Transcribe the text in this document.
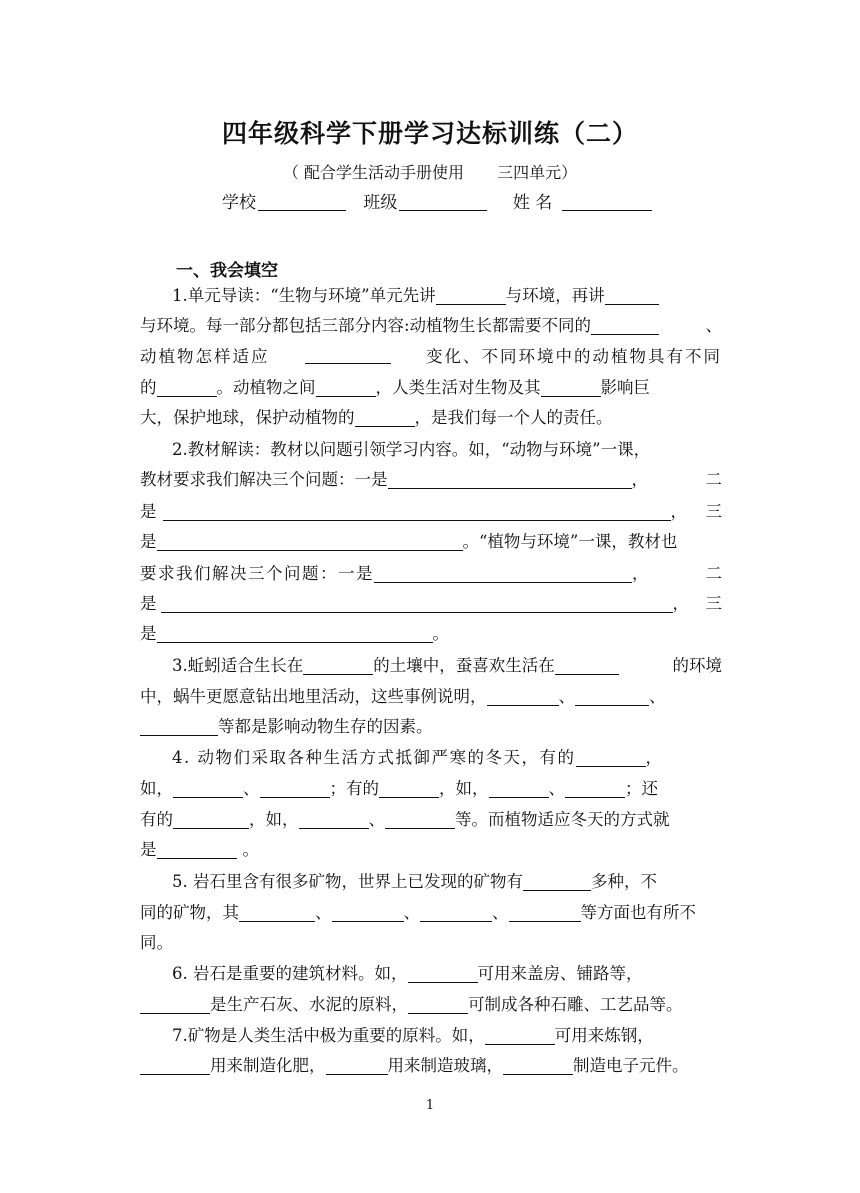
四年级科学下册学习达标训练（二）
（ 配合学生活动手册使用 三四单元）
学校	班级	姓 名
一、我会填空
1.单元导读：“生物与环境”单元先讲	与环境，再讲
与环境。每一部分都包括三部分内容:动植物生长都需要不同的	、
动植物怎样适应	变化、不同环境中的动植物具有不同
的	。动植物之间	，人类生活对生物及其	影响巨
大，保护地球，保护动植物的	，是我们每一个人的责任。
2.教材解读：教材以问题引领学习内容。如，“动物与环境”一课，
教材要求我们解决三个问题：一是	，	二
是	， 三
是	。“植物与环境”一课，教材也
要求我们解决三个问题：一是	，	二
是	， 三
是	。
3.蚯蚓适合生长在	的土壤中，蚕喜欢生活在	的环境
中，蜗牛更愿意钻出地里活动，这些事例说明，	、	、
等都是影响动物生存的因素。
4. 动物们采取各种生活方式抵御严寒的冬天，有的	，
如，	、	；有的	，如，	、	；还
有的	，如，	、	等。而植物适应冬天的方式就
是	。
5. 岩石里含有很多矿物，世界上已发现的矿物有	多种，不
同的矿物，其	、	、	、	等方面也有所不
同。
6. 岩石是重要的建筑材料。如，	可用来盖房、铺路等，
是生产石灰、水泥的原料，	可制成各种石雕、工艺品等。
7.矿物是人类生活中极为重要的原料。如，	可用来炼钢，
用来制造化肥，	用来制造玻璃，	制造电子元件。
1
